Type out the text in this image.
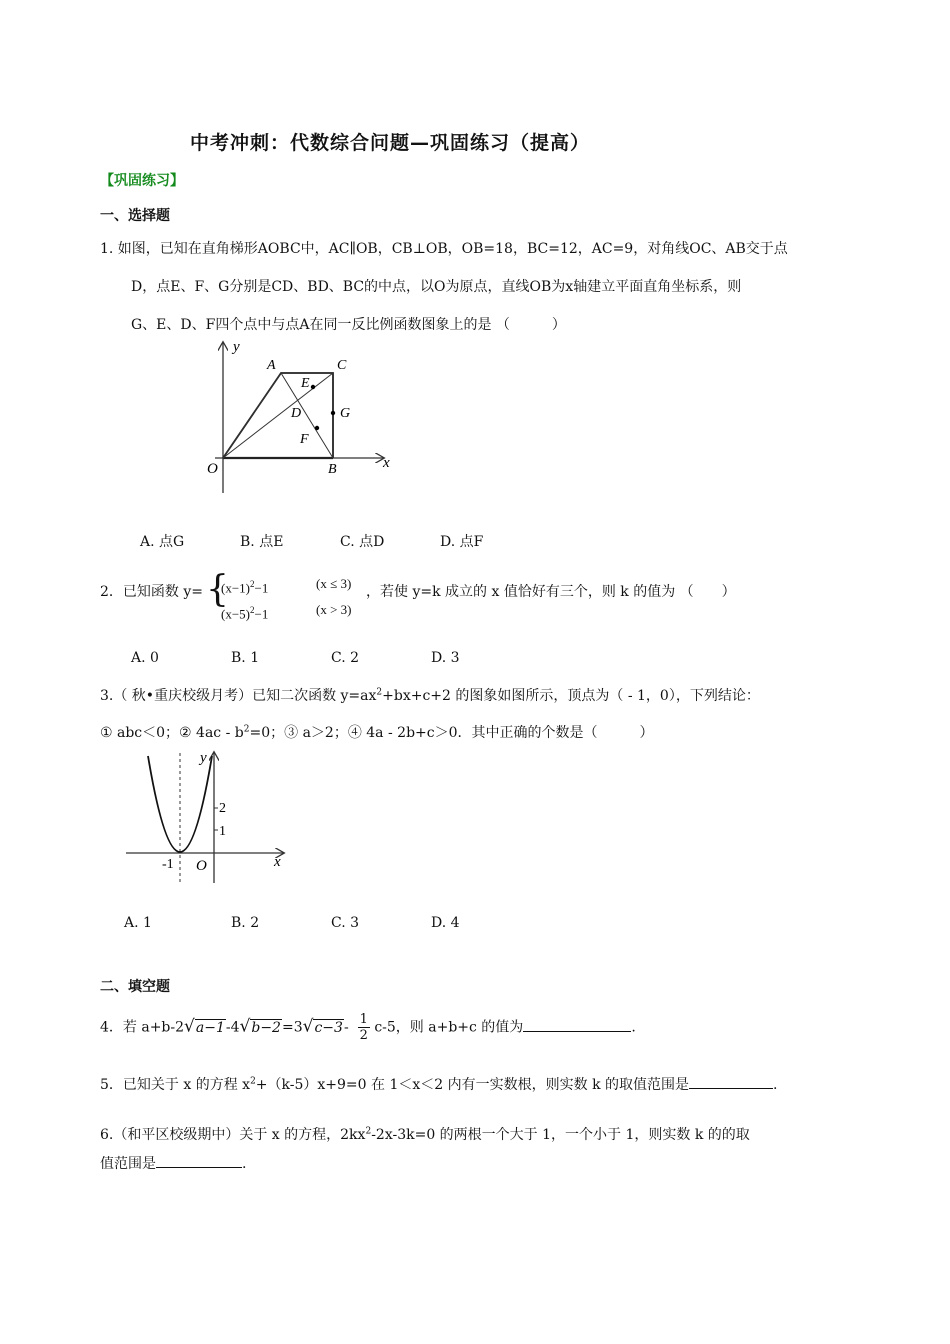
中考冲刺：代数综合问题—巩固练习（提高）
【巩固练习】
一、选择题
1. 如图，已知在直角梯形AOBC中，AC∥OB，CB⊥OB，OB=18，BC=12，AC=9，对角线OC、AB交于点
D，点E、F、G分别是CD、BD、BC的中点，以O为原点，直线OB为x轴建立平面直角坐标系，则
G、E、D、F四个点中与点A在同一反比例函数图象上的是 （　　　）
y
x
O
A	C
E
D	G
F
B
A. 点G	B. 点E	C. 点D	D. 点F
2．已知函数 y= {
$(x-1)^2-1$	(x ≤ 3)
$(x-5)^2-1$	(x > 3)
，若使 y=k 成立的 x 值恰好有三个，则 k 的值为 （　　）
A. 0	B. 1	C. 2	D. 3
3.（ 秋•重庆校级月考）已知二次函数 $y=ax^2+bx+c+2$ 的图象如图所示，顶点为（ - 1，0），下列结论：
① abc＜0；② $4ac - b^2=0$；③ a＞2；④ 4a - 2b+c＞0．其中正确的个数是（　　　）
y
x
O
-1
2
1
A. 1	B. 2	C. 3	D. 4
二、填空题
4．若 $a+b-2√a-1-4√b-2=3√c-3- \frac{1}{2} c-5$，则 a+b+c 的值为	.
5．已知关于 x 的方程 $x^2+(k-5)x+9=0$ 在 1＜x＜2 内有一实数根，则实数 k 的取值范围是	.
6.（和平区校级期中）关于 x 的方程，$2kx^2-2x-3k=0$ 的两根一个大于 1，一个小于 1，则实数 k 的的取
值范围是	.
